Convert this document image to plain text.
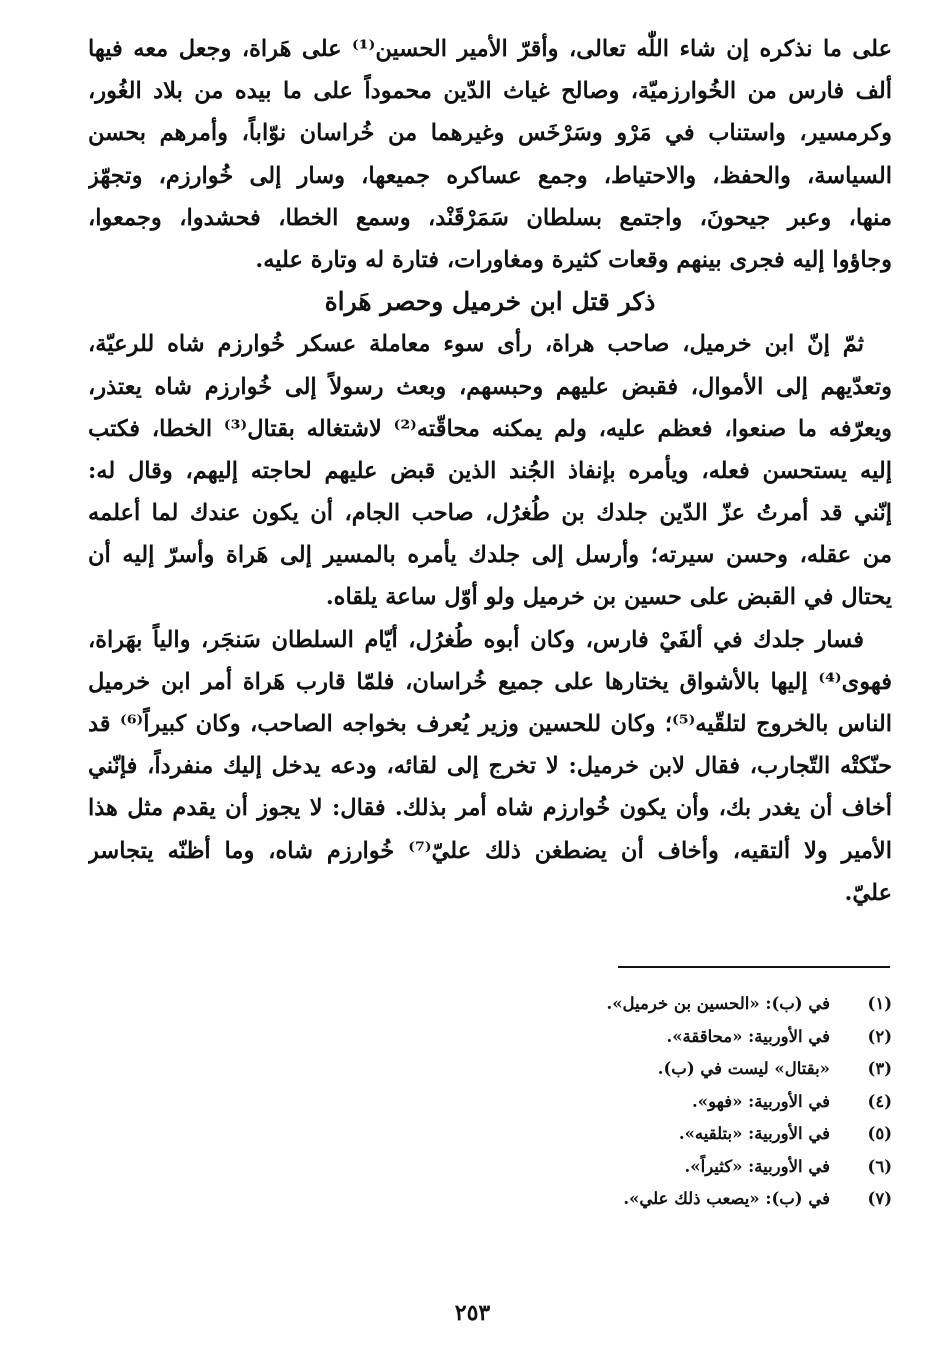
على ما نذكره إن شاء اللّٰه تعالى، وأقرّ الأمير الحسين⁽¹⁾ على هَراة، وجعل معه فيها
ألف فارس من الخُوارزميّة، وصالح غياث الدّين محموداً على ما بيده من بلاد الغُور،
وكرمسير، واستناب في مَرْو وسَرْخَس وغيرهما من خُراسان نوّاباً، وأمرهم بحسن
السياسة، والحفظ، والاحتياط، وجمع عساكره جميعها، وسار إلى خُوارزم، وتجهّز
منها، وعبر جيحونَ، واجتمع بسلطان سَمَرْقَنْد، وسمع الخطا، فحشدوا، وجمعوا،
وجاؤوا إليه فجرى بينهم وقعات كثيرة ومغاورات، فتارة له وتارة عليه.
ذكر قتل ابن خرميل وحصر هَراة
ثمّ إنّ ابن خرميل، صاحب هراة، رأى سوء معاملة عسكر خُوارزم شاه للرعيّة،
وتعدّيهم إلى الأموال، فقبض عليهم وحبسهم، وبعث رسولاً إلى خُوارزم شاه يعتذر،
ويعرّفه ما صنعوا، فعظم عليه، ولم يمكنه محاقّته⁽²⁾ لاشتغاله بقتال⁽³⁾ الخطا، فكتب
إليه يستحسن فعله، ويأمره بإنفاذ الجُند الذين قبض عليهم لحاجته إليهم، وقال له:
إنّني قد أمرتُ عزّ الدّين جلدك بن طُغرُل، صاحب الجام، أن يكون عندك لما أعلمه
من عقله، وحسن سيرته؛ وأرسل إلى جلدك يأمره بالمسير إلى هَراة وأسرّ إليه أن
يحتال في القبض على حسين بن خرميل ولو أوّل ساعة يلقاه.
فسار جلدك في ألفَيْ فارس، وكان أبوه طُغرُل، أيّام السلطان سَنجَر، والياً بهَراة،
فهوى⁽⁴⁾ إليها بالأشواق يختارها على جميع خُراسان، فلمّا قارب هَراة أمر ابن خرميل
الناس بالخروج لتلقّيه⁽⁵⁾؛ وكان للحسين وزير يُعرف بخواجه الصاحب، وكان كبيراً⁽⁶⁾ قد
حنّكتْه التّجارب، فقال لابن خرميل: لا تخرج إلى لقائه، ودعه يدخل إليك منفرداً، فإنّني
أخاف أن يغدر بك، وأن يكون خُوارزم شاه أمر بذلك. فقال: لا يجوز أن يقدم مثل هذا
الأمير ولا ألتقيه، وأخاف أن يضطغن ذلك عليّ⁽⁷⁾ خُوارزم شاه، وما أظنّه يتجاسر
عليّ.
(١)
في (ب): «الحسين بن خرميل».
(٢)
في الأوربية: «محاققة».
(٣)
«بقتال» ليست في (ب).
(٤)
في الأوربية: «فهو».
(٥)
في الأوربية: «بتلقيه».
(٦)
في الأوربية: «كثيراً».
(٧)
في (ب): «يصعب ذلك علي».
٢٥٣
